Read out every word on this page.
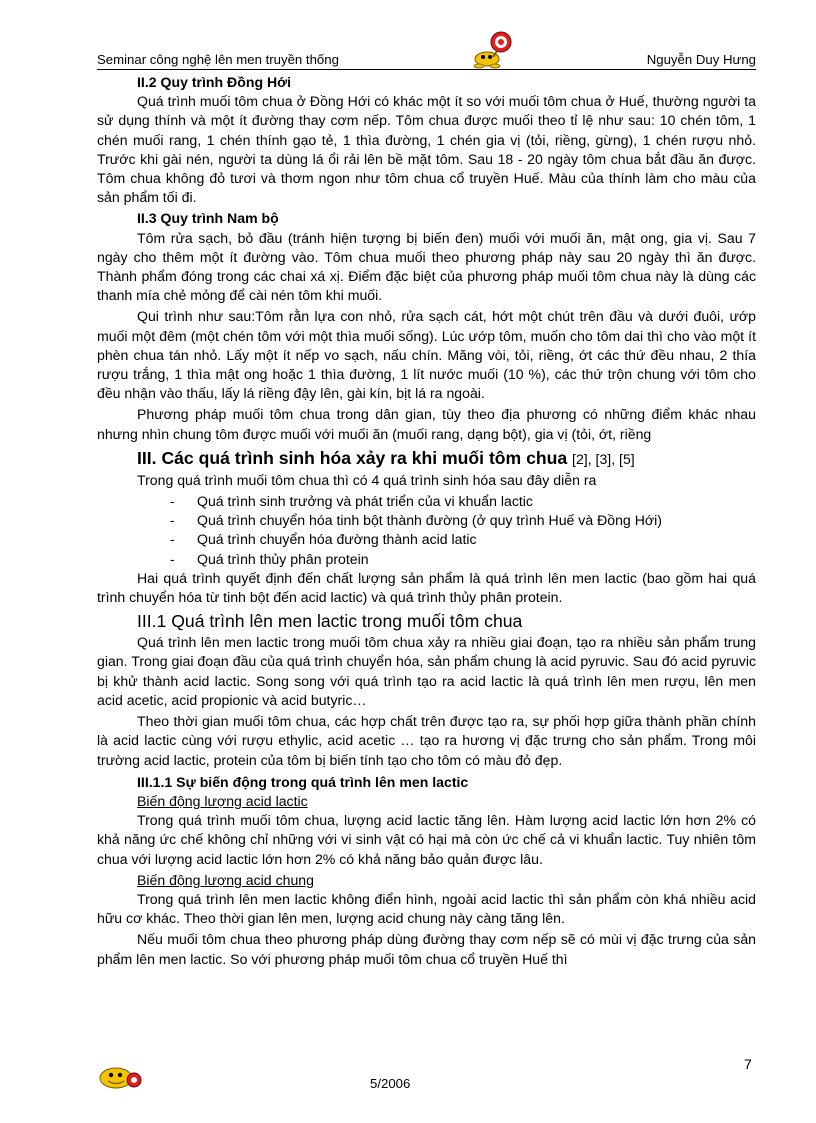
Seminar công nghệ lên men truyền thống	Nguyễn Duy Hưng

II.2 Quy trình Đồng Hới

Quá trình muối tôm chua ở Đồng Hới có khác một ít so với muối tôm chua ở Huế, thường người ta sử dụng thính và một ít đường thay cơm nếp. Tôm chua được muối theo tỉ lệ như sau: 10 chén tôm, 1 chén muối rang, 1 chén thính gạo tẻ, 1 thìa đường, 1 chén gia vị (tỏi, riềng, gừng), 1 chén rượu nhỏ. Trước khi gài nén, người ta dùng lá ổi rải lên bề mặt tôm. Sau 18 - 20 ngày tôm chua bắt đầu ăn được. Tôm chua không đỏ tươi và thơm ngon như tôm chua cổ truyền Huế. Màu của thính làm cho màu của sản phẩm tối đi.

II.3 Quy trình Nam bộ

Tôm rửa sạch, bỏ đầu (tránh hiện tượng bị biến đen) muối với muối ăn, mật ong, gia vị. Sau 7 ngày cho thêm một ít đường vào. Tôm chua muối theo phương pháp này sau 20 ngày thì ăn được. Thành phẩm đóng trong các chai xá xị. Điểm đặc biệt của phương pháp muối tôm chua này là dùng các thanh mía chẻ mỏng để cài nén tôm khi muối.

Qui trình như sau:Tôm rằn lựa con nhỏ, rửa sạch cát, hớt một chút trên đầu và dưới đuôi, ướp muối một đêm (một chén tôm với một thìa muối sống). Lúc ướp tôm, muốn cho tôm dai thì cho vào một ít phèn chua tán nhỏ. Lấy một ít nếp vo sạch, nấu chín. Măng vòi, tỏi, riềng, ớt các thứ đều nhau, 2 thía rượu trắng, 1 thìa mật ong hoặc 1 thìa đường, 1 lít nước muối (10 %), các thứ trộn chung với tôm cho đều nhận vào thấu, lấy lá riềng đậy lên, gài kín, bịt lá ra ngoài.

Phương pháp muối tôm chua trong dân gian, tùy theo địa phương có những điểm khác nhau nhưng nhìn chung tôm được muối với muối ăn (muối rang, dạng bột), gia vị (tỏi, ớt, riềng

III. Các quá trình sinh hóa xảy ra khi muối tôm chua [2], [3], [5]

Trong quá trình muối tôm chua thì có 4 quá trình sinh hóa sau đây diễn ra

- Quá trình sinh trưởng và phát triển của vi khuẩn lactic
- Quá trình chuyển hóa tinh bột thành đường (ở quy trình Huế và Đồng Hới)
- Quá trình chuyển hóa đường thành acid latic
- Quá trình thủy phân protein

Hai quá trình quyết định đến chất lượng sản phẩm là quá trình lên men lactic (bao gồm hai quá trình chuyển hóa từ tinh bột đến acid lactic) và quá trình thủy phân protein.

III.1 Quá trình lên men lactic trong muối tôm chua

Quá trình lên men lactic trong muối tôm chua xảy ra nhiều giai đoạn, tạo ra nhiều sản phẩm trung gian. Trong giai đoạn đầu của quá trình chuyển hóa, sản phẩm chung là acid pyruvic. Sau đó acid pyruvic bị khử thành acid lactic. Song song với quá trình tạo ra acid lactic là quá trình lên men rượu, lên men acid acetic, acid propionic và acid butyric…

Theo thời gian muối tôm chua, các hợp chất trên được tạo ra, sự phối hợp giữa thành phần chính là acid lactic cùng với rượu ethylic, acid acetic … tạo ra hương vị đặc trưng cho sản phẩm. Trong môi trường acid lactic, protein của tôm bị biến tính tạo cho tôm có màu đỏ đẹp.

III.1.1 Sự biến động trong quá trình lên men lactic

Biến động lượng acid lactic

Trong quá trình muối tôm chua, lượng acid lactic tăng lên. Hàm lượng acid lactic lớn hơn 2% có khả năng ức chế không chỉ những với vi sinh vật có hại mà còn ức chế cả vi khuẩn lactic. Tuy nhiên tôm chua với lượng acid lactic lớn hơn 2% có khả năng bảo quản được lâu.

Biến động lượng acid chung

Trong quá trình lên men lactic không điển hình, ngoài acid lactic thì sản phẩm còn khá nhiều acid hữu cơ khác. Theo thời gian lên men, lượng acid chung này càng tăng lên.

Nếu muối tôm chua theo phương pháp dùng đường thay cơm nếp sẽ có mùi vị đặc trưng của sản phẩm lên men lactic. So với phương pháp muối tôm chua cổ truyền Huế thì

7
5/2006
